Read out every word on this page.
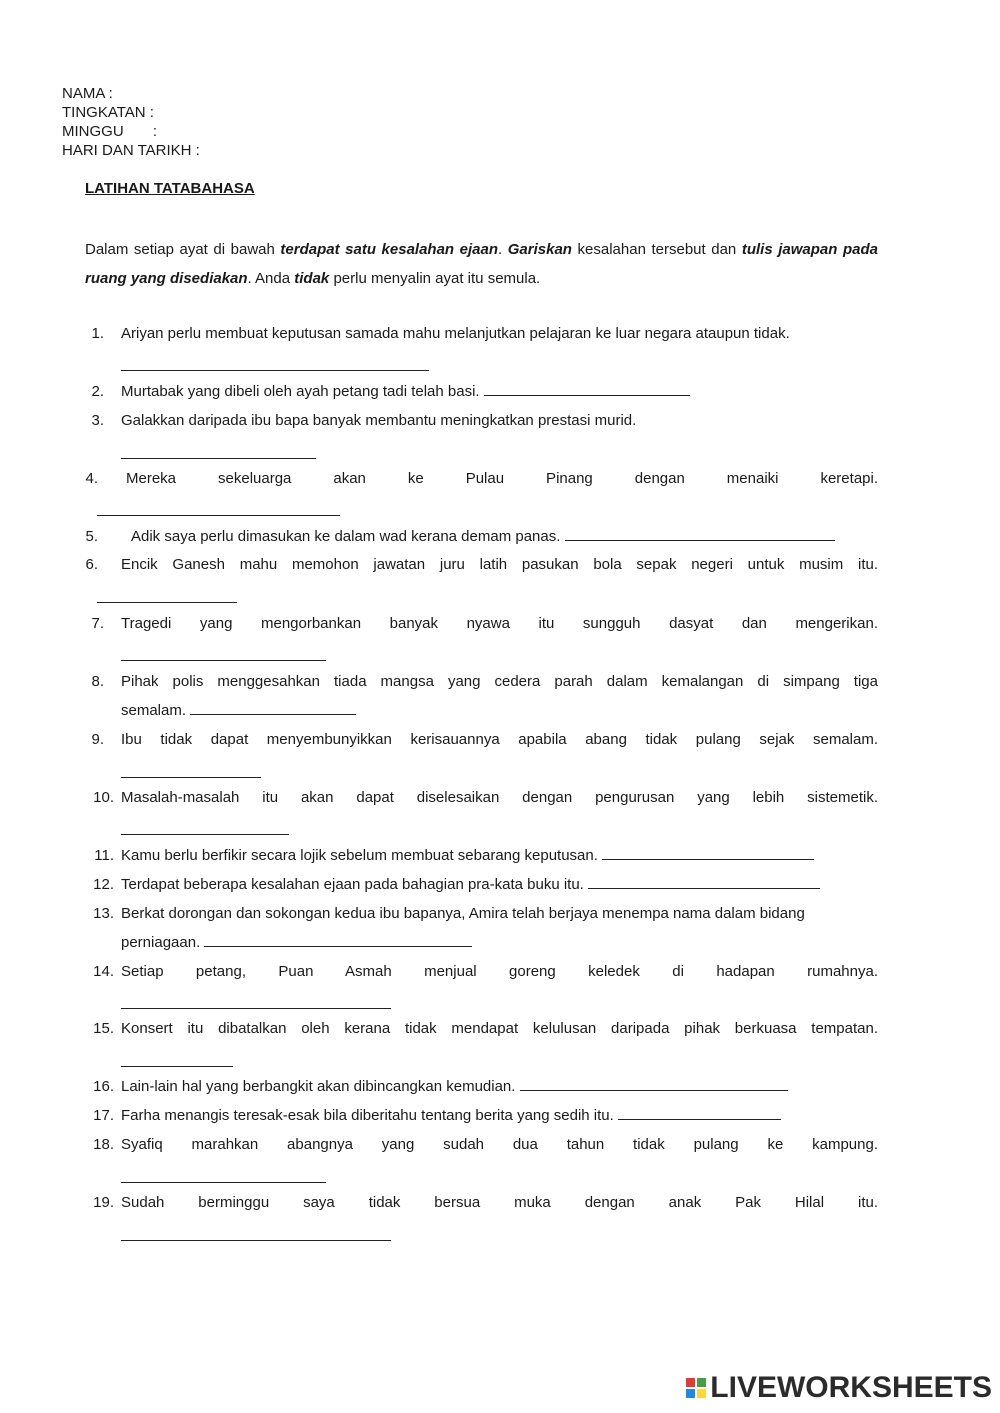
NAMA :
TINGKATAN :
MINGGU       :
HARI DAN TARIKH :
LATIHAN TATABAHASA
Dalam setiap ayat di bawah terdapat satu kesalahan ejaan. Gariskan kesalahan tersebut dan tulis jawapan pada ruang yang disediakan. Anda tidak perlu menyalin ayat itu semula.
1. Ariyan perlu membuat keputusan samada mahu melanjutkan pelajaran ke luar negara ataupun tidak.
2. Murtabak yang dibeli oleh ayah petang tadi telah basi.
3. Galakkan daripada ibu bapa banyak membantu meningkatkan prestasi murid.
4. Mereka sekeluarga akan ke Pulau Pinang dengan menaiki keretapi.
5. Adik saya perlu dimasukan ke dalam wad kerana demam panas.
6. Encik Ganesh mahu memohon jawatan juru latih pasukan bola sepak negeri untuk musim itu.
7. Tragedi yang mengorbankan banyak nyawa itu sungguh dasyat dan mengerikan.
8. Pihak polis menggesahkan tiada mangsa yang cedera parah dalam kemalangan di simpang tiga
semalam.
9. Ibu tidak dapat menyembunyikkan kerisauannya apabila abang tidak pulang sejak semalam.
10. Masalah-masalah itu akan dapat diselesaikan dengan pengurusan yang lebih sistemetik.
11. Kamu berlu berfikir secara lojik sebelum membuat sebarang keputusan.
12. Terdapat beberapa kesalahan ejaan pada bahagian pra-kata buku itu.
13. Berkat dorongan dan sokongan kedua ibu bapanya, Amira telah berjaya menempa nama dalam bidang
perniagaan.
14. Setiap petang, Puan Asmah menjual goreng keledek di hadapan rumahnya.
15. Konsert itu dibatalkan oleh kerana tidak mendapat kelulusan daripada pihak berkuasa tempatan.
16. Lain-lain hal yang berbangkit akan dibincangkan kemudian.
17. Farha menangis teresak-esak bila diberitahu tentang berita yang sedih itu.
18. Syafiq marahkan abangnya yang sudah dua tahun tidak pulang ke kampung.
19. Sudah berminggu saya tidak bersua muka dengan anak Pak Hilal itu.
LIVEWORKSHEETS
